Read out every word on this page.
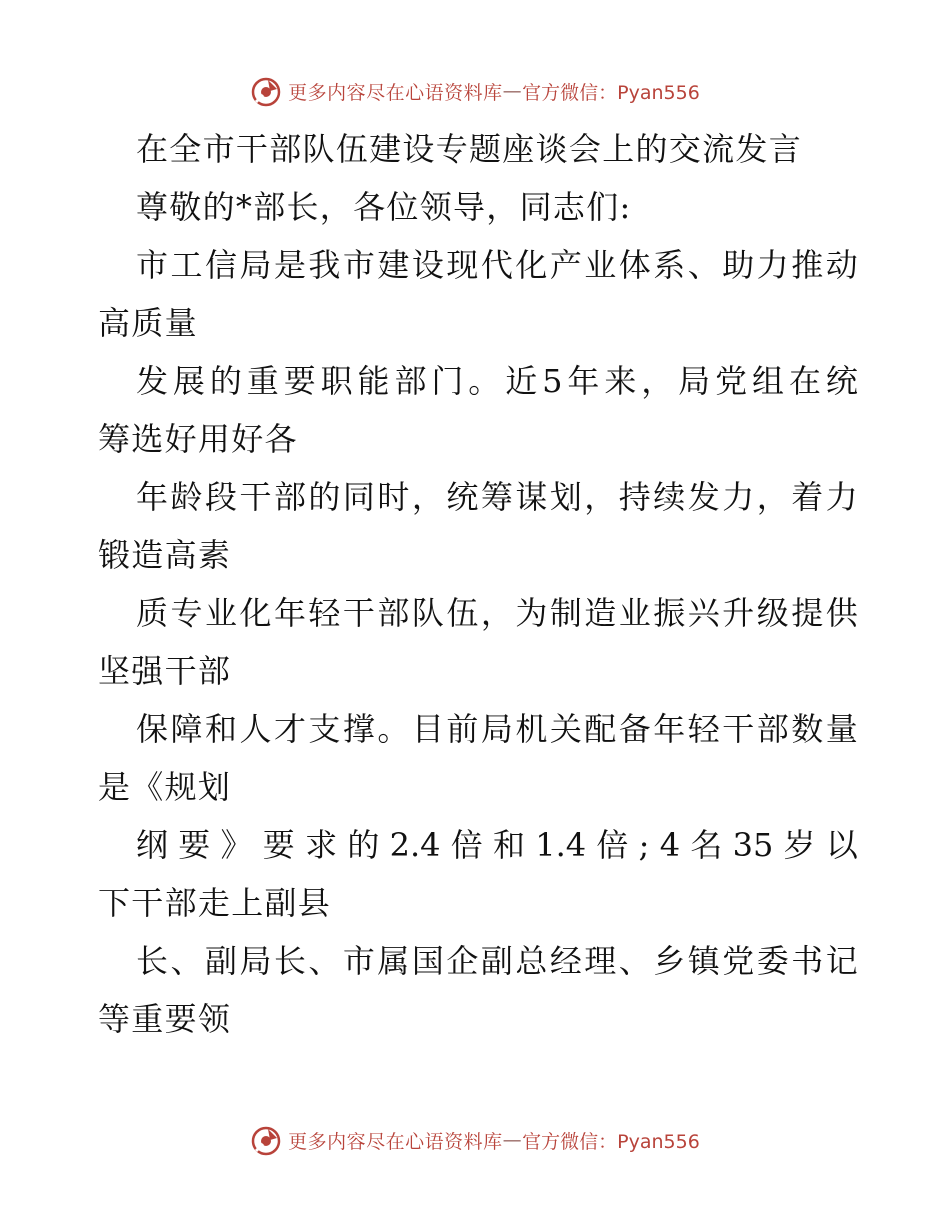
更多内容尽在心语资料库 — 官方微信：Pyan556
在全市干部队伍建设专题座谈会上的交流发言
尊敬的*部长，各位领导，同志们:
市 工 信 局 是 我 市 建 设 现 代 化 产 业 体 系 、 助 力 推 动
高质量
发 展 的 重 要 职 能 部 门 。 近 5 年 来 ， 局 党 组 在 统
筹选好用好各
年 龄 段 干 部 的 同 时 ， 统 筹 谋 划 ， 持 续 发 力 ， 着 力
锻造高素
质 专 业 化 年 轻 干 部 队 伍 ， 为 制 造 业 振 兴 升 级 提 供
坚强干部
保 障 和 人 才 支 撑 。 目 前 局 机 关 配 备 年 轻 干 部 数 量
是《规划
纲 要 》 要 求 的 2.4 倍 和 1.4 倍 ; 4 名 35 岁 以
下干部走上副县
长 、 副 局 长 、 市 属 国 企 副 总 经 理 、 乡 镇 党 委 书 记
等重要领
更多内容尽在心语资料库 — 官方微信：Pyan556
